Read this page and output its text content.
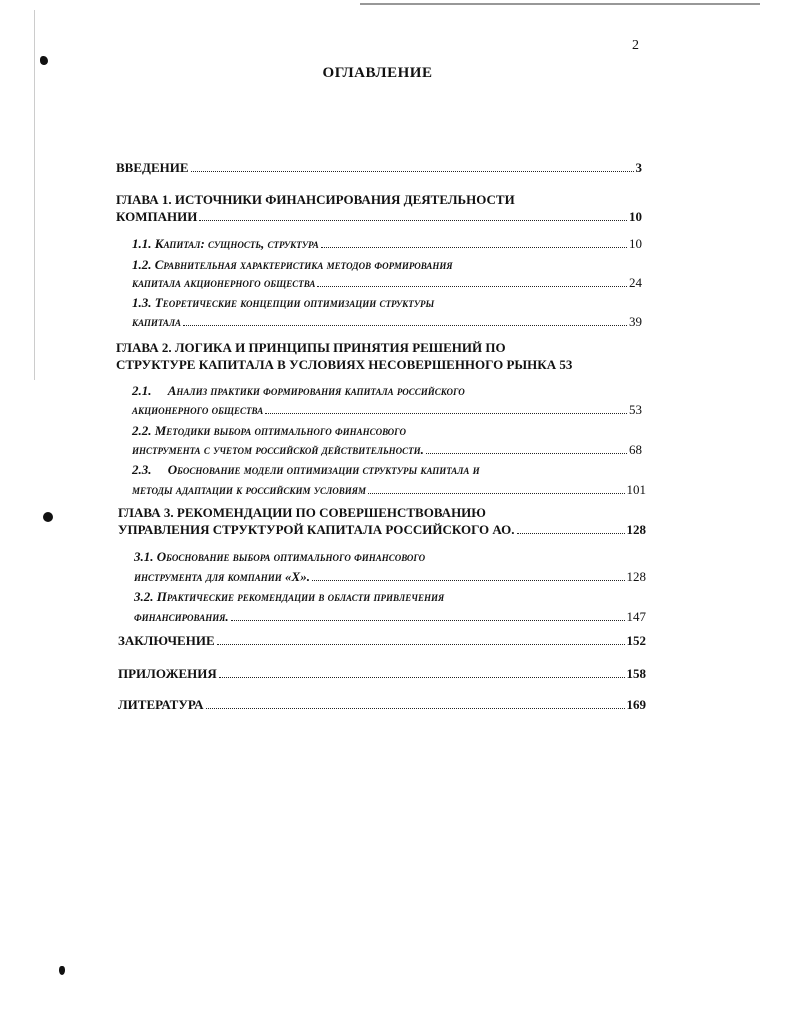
2
ОГЛАВЛЕНИЕ
ВВЕДЕНИЕ	3
ГЛАВА 1. ИСТОЧНИКИ ФИНАНСИРОВАНИЯ ДЕЯТЕЛЬНОСТИ
КОМПАНИИ	10
1.1. Капитал: сущность, структура	10
1.2. Сравнительная характеристика методов формирования
капитала акционерного общества	24
1.3. Теоретические концепции оптимизации структуры
капитала	39
ГЛАВА 2. ЛОГИКА И ПРИНЦИПЫ ПРИНЯТИЯ РЕШЕНИЙ ПО
СТРУКТУРЕ КАПИТАЛА В УСЛОВИЯХ НЕСОВЕРШЕННОГО РЫНКА 53
2.1.     Анализ практики формирования капитала российского
акционерного общества	53
2.2. Методики выбора оптимального финансового
инструмента с учетом российской действительности.	68
2.3.     Обоснование модели оптимизации структуры капитала и
методы адаптации к российским условиям	101
ГЛАВА 3. РЕКОМЕНДАЦИИ ПО СОВЕРШЕНСТВОВАНИЮ
УПРАВЛЕНИЯ СТРУКТУРОЙ КАПИТАЛА РОССИЙСКОГО АО.	128
3.1. Обоснование выбора оптимального финансового
инструмента для компании «Х».	128
3.2. Практические рекомендации в области привлечения
финансирования.	147
ЗАКЛЮЧЕНИЕ	152
ПРИЛОЖЕНИЯ	158
ЛИТЕРАТУРА	169
